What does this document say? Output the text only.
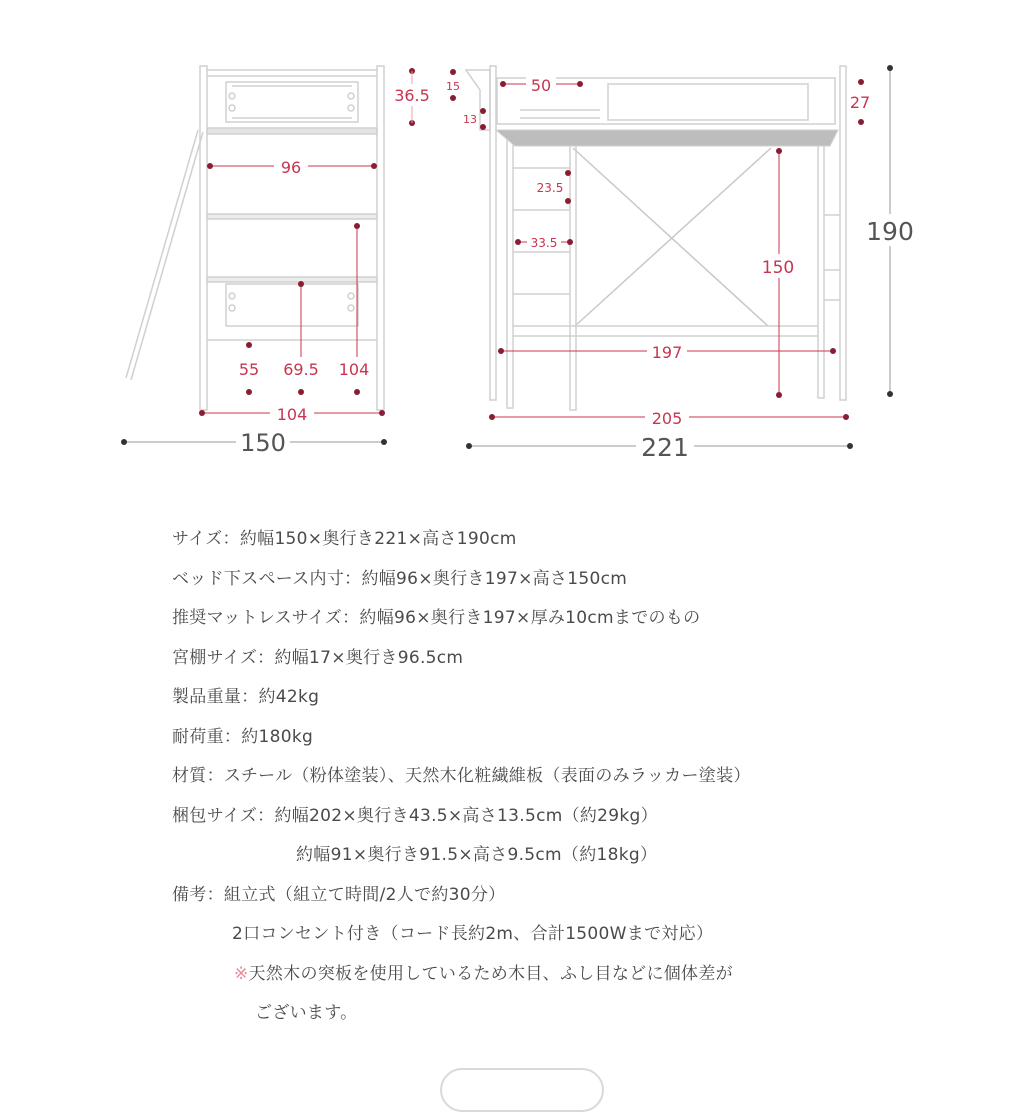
36.5
96
55 69.5 104
104
150
15
13
50
27
23.5
33.5
150
197
205
221
190
サイズ：約幅150×奥行き221×高さ190cm
ベッド下スペース内寸：約幅96×奥行き197×高さ150cm
推奨マットレスサイズ：約幅96×奥行き197×厚み10cmまでのもの
宮棚サイズ：約幅17×奥行き96.5cm
製品重量：約42kg
耐荷重：約180kg
材質：スチール（粉体塗装）、天然木化粧繊維板（表面のみラッカー塗装）
梱包サイズ：約幅202×奥行き43.5×高さ13.5cm（約29kg）
約幅91×奥行き91.5×高さ9.5cm（約18kg）
備考：組立式（組立て時間/2人で約30分）
2口コンセント付き（コード長約2m、合計1500Wまで対応）
※天然木の突板を使用しているため木目、ふし目などに個体差が
ございます。
